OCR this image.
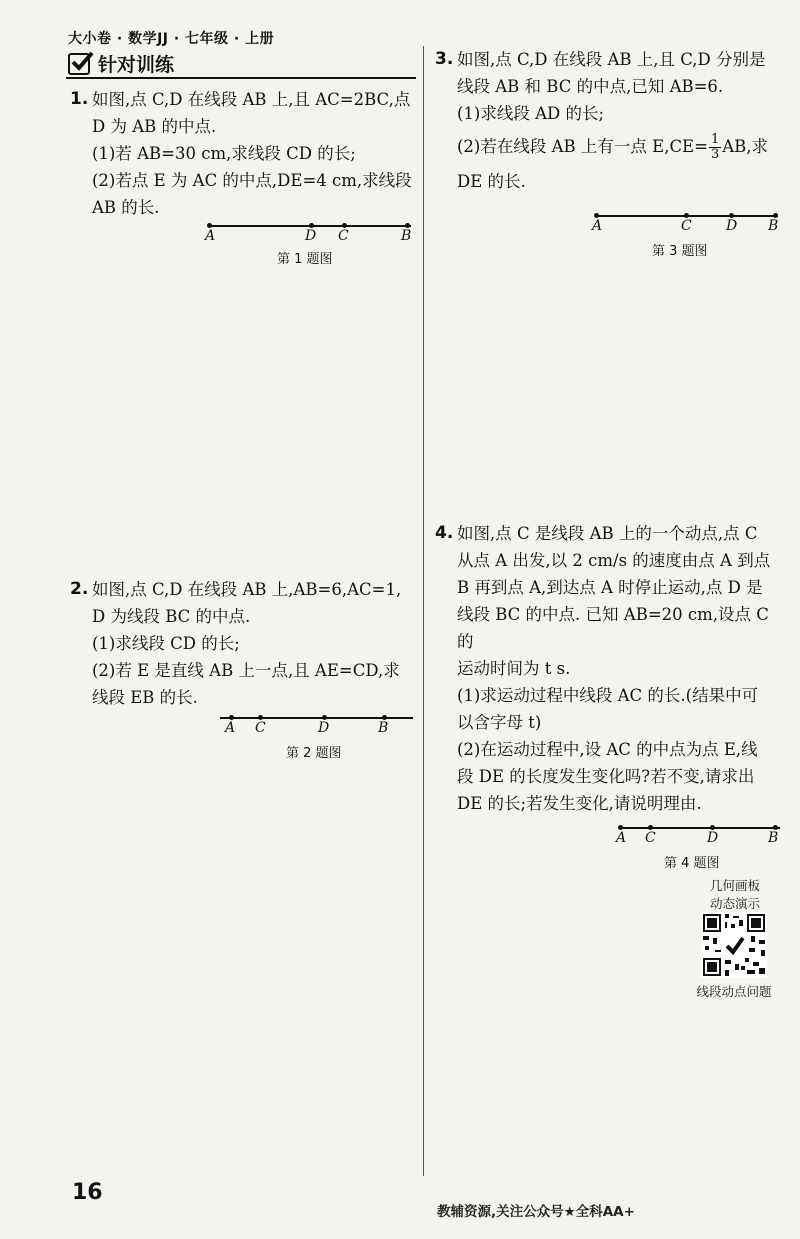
大小卷 · 数学JJ · 七年级 · 上册
针对训练
1. 如图,点 C,D 在线段 AB 上,且 AC=2BC,点

D 为 AB 的中点.

(1)若 AB=30 cm,求线段 CD 的长;

(2)若点 E 为 AC 的中点,DE=4 cm,求线段

AB 的长.

A	D C	B
第 1 题图
2. 如图,点 C,D 在线段 AB 上,AB=6,AC=1,

D 为线段 BC 的中点.

(1)求线段 CD 的长;

(2)若 E 是直线 AB 上一点,且 AE=CD,求

线段 EB 的长.

A C	D	B
第 2 题图
3. 如图,点 C,D 在线段 AB 上,且 C,D 分别是

线段 AB 和 BC 的中点,已知 AB=6.

(1)求线段 AD 的长;

(2)若在线段 AB 上有一点 $E,CE= \frac{1}{3}$ AB,求

DE 的长.

A	C D B
第 3 题图
4. 如图,点 C 是线段 AB 上的一个动点,点 C

从点 A 出发,以 2 cm/s 的速度由点 A 到点

B 再到点 A,到达点 A 时停止运动,点 D 是

线段 BC 的中点. 已知 AB=20 cm,设点 C 的

运动时间为 t s.

(1)求运动过程中线段 AC 的长.(结果中可

以含字母 t)

(2)在运动过程中,设 AC 的中点为点 E,线

段 DE 的长度发生变化吗?若不变,请求出

DE 的长;若发生变化,请说明理由.

A C	D	B
第 4 题图
几何画板
动态演示
线段动点问题
16
教辅资源,关注公众号★全科AA+
